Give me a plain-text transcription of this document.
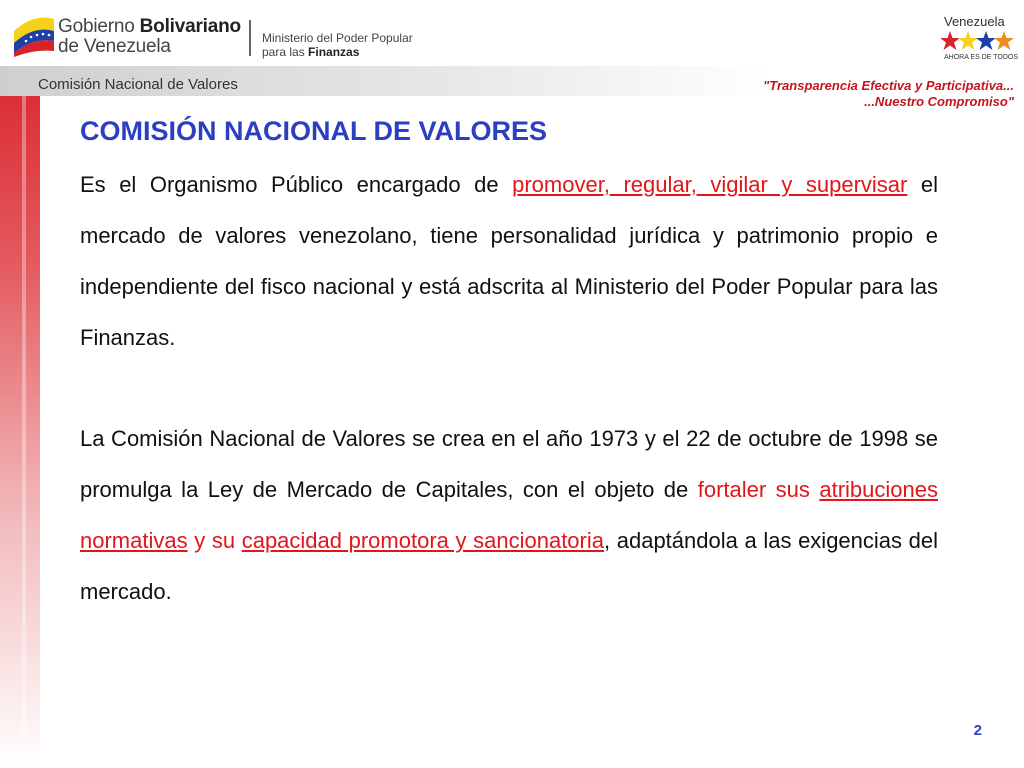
Gobierno Bolivariano
de Venezuela	Ministerio del Poder Popular
para las Finanzas
Venezuela
AHORA ES DE TODOS
Comisión Nacional de Valores	"Transparencia Efectiva y Participativa...
...Nuestro Compromiso"
COMISIÓN NACIONAL DE VALORES

Es el Organismo Público encargado de promover, regular, vigilar y supervisar el mercado de valores venezolano, tiene personalidad jurídica y patrimonio propio e independiente del fisco nacional y está adscrita al Ministerio del Poder Popular para las Finanzas.

La Comisión Nacional de Valores se crea en el año 1973 y el 22 de octubre de 1998 se promulga la Ley de Mercado de Capitales, con el objeto de fortaler sus atribuciones normativas y su capacidad promotora y sancionatoria, adaptándola a las exigencias del mercado.

2
